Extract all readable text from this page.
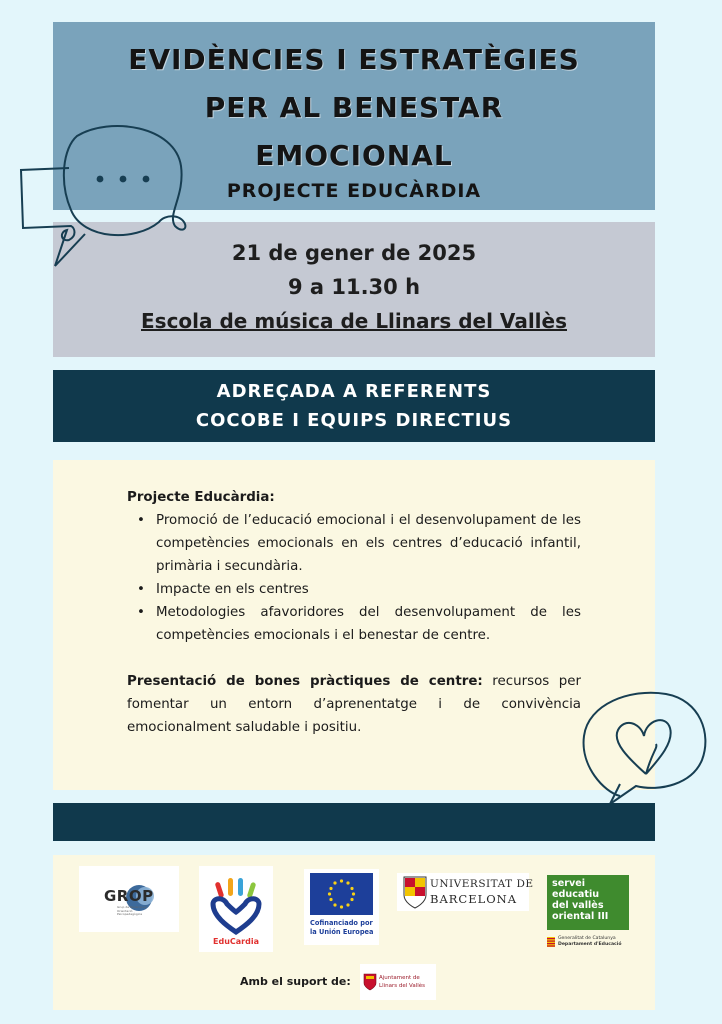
EVIDÈNCIES I ESTRATÈGIES PER AL BENESTAR EMOCIONAL
PROJECTE EDUCÀRDIA
21 de gener de 2025
9 a 11.30 h
Escola de música de Llinars del Vallès
ADREÇADA A REFERENTS
COCOBE I EQUIPS DIRECTIUS
Projecte Educàrdia:
• Promoció de l’educació emocional i el desenvolupament de les competències emocionals en els centres d’educació infantil, primària i secundària.
• Impacte en els centres
• Metodologies afavoridores del desenvolupament de les competències emocionals i el benestar de centre.

Presentació de bones pràctiques de centre: recursos per fomentar un entorn d’aprenentatge i de convivència emocionalment saludable i positiu.

GROP
Grup de Recerca en Orientació Psicopedagògica
EduCardia
Cofinanciado por la Unión Europea
UNIVERSITAT DE
BARCELONA
servei
educatiu
del vallès
oriental III
Generalitat de Catalunya
Departament d'Educació
Amb el suport de:	Ajuntament de
Llinars del Vallès
